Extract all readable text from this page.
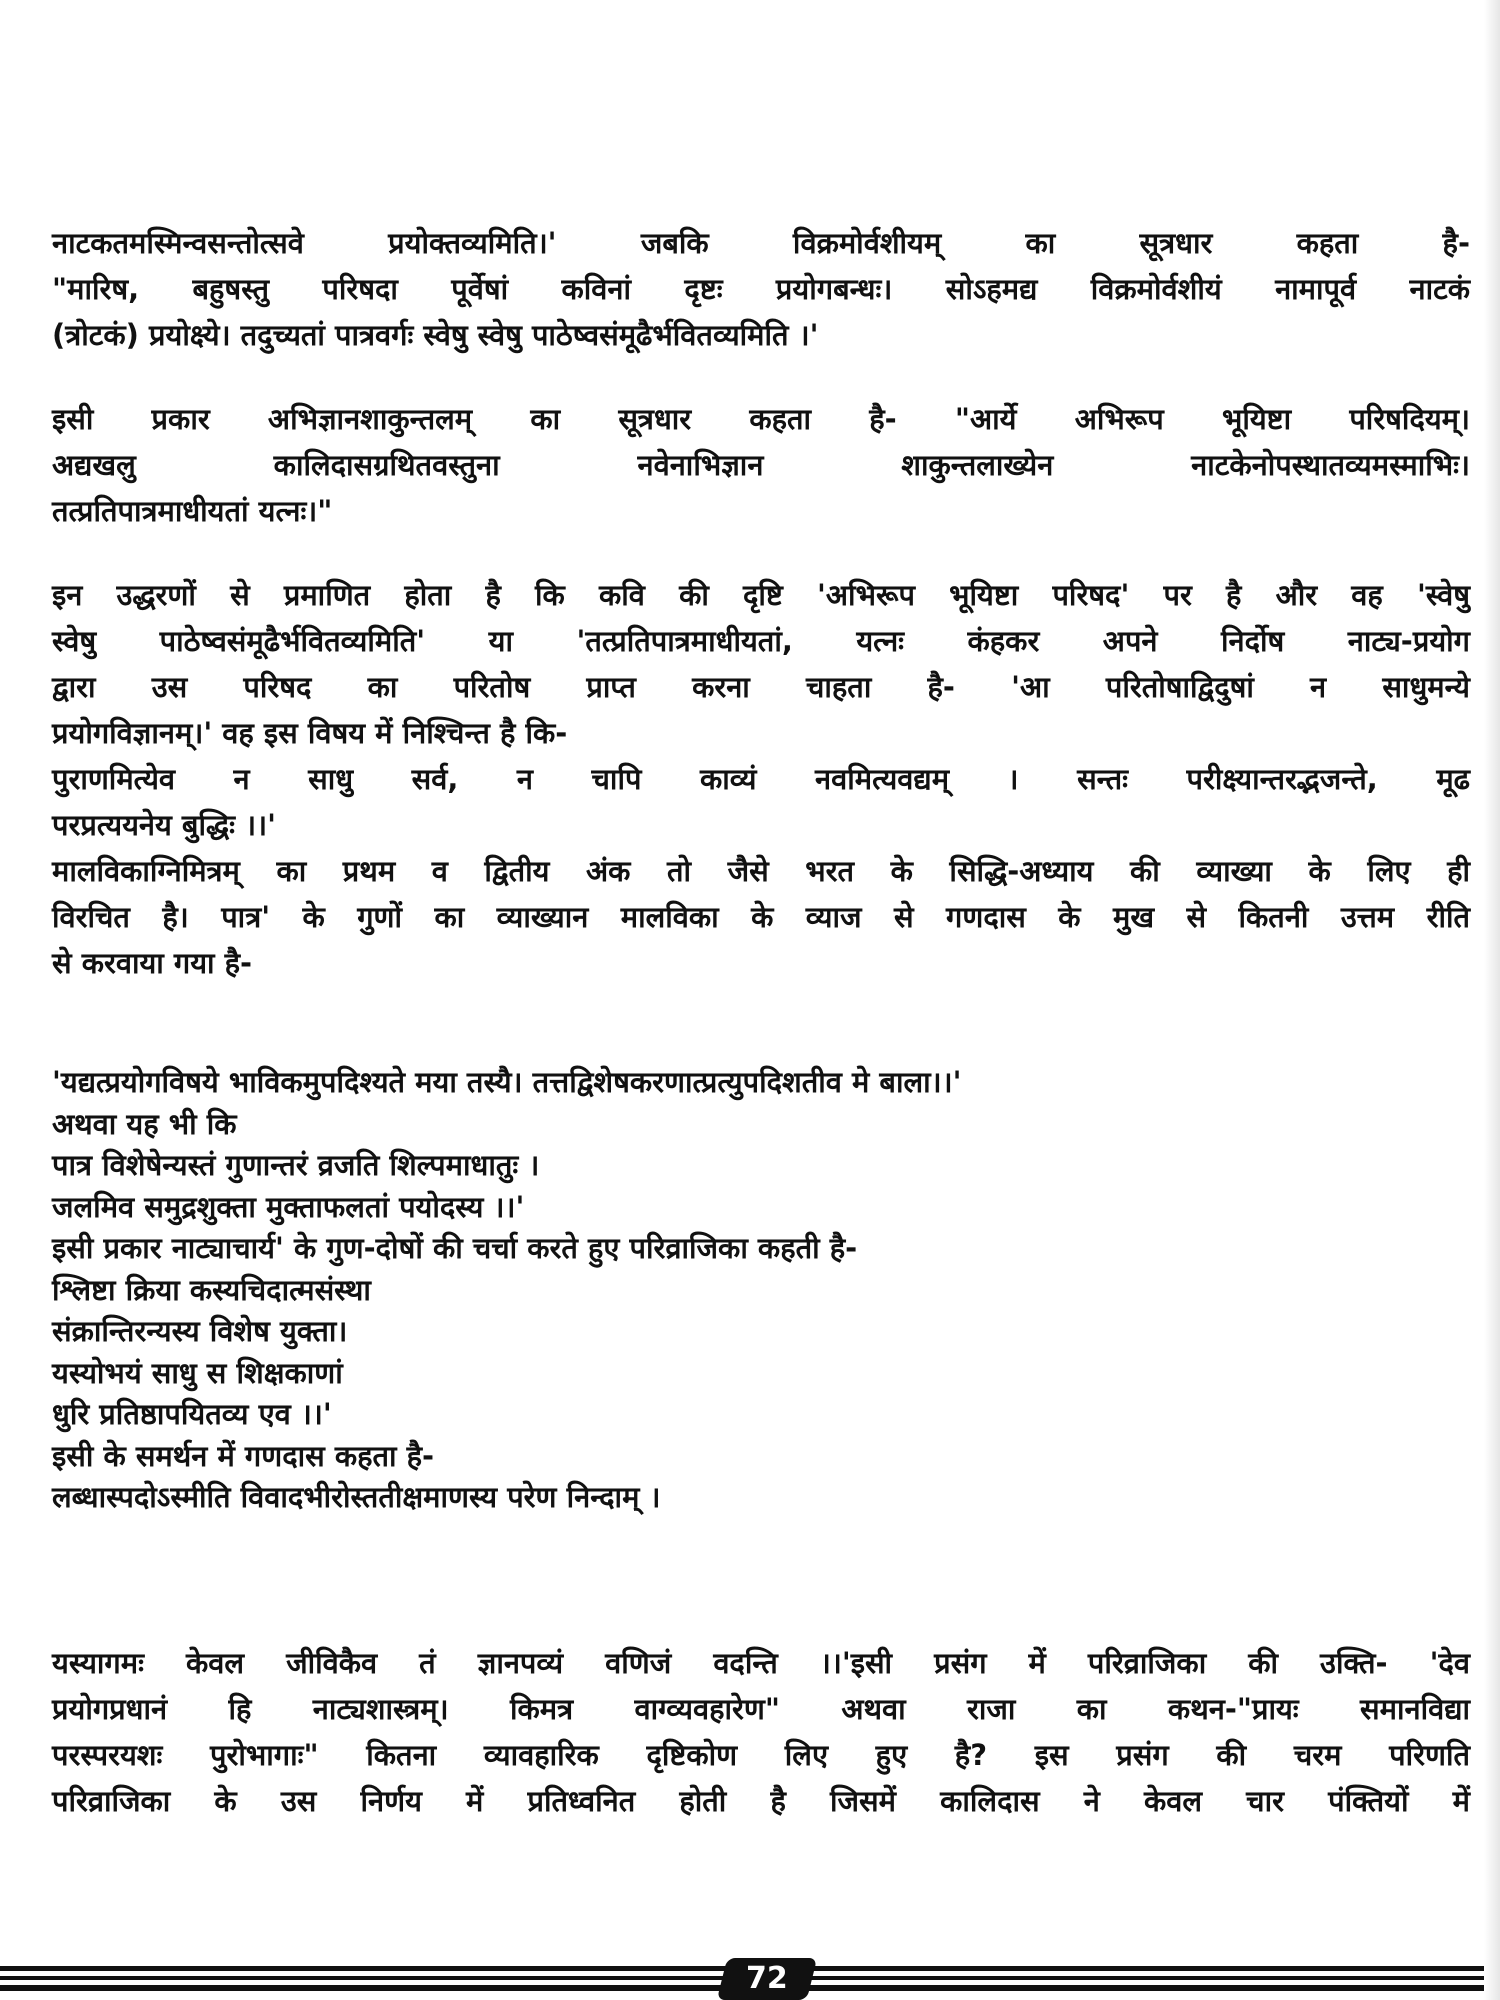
नाटकतमस्मिन्वसन्तोत्सवे प्रयोक्तव्यमिति।' जबकि विक्रमोर्वशीयम् का सूत्रधार कहता है-
"मारिष, बहुषस्तु परिषदा पूर्वेषां कविनां दृष्टः प्रयोगबन्धः। सोऽहमद्य विक्रमोर्वशीयं नामापूर्व नाटकं
(त्रोटकं) प्रयोक्ष्ये। तदुच्यतां पात्रवर्गः स्वेषु स्वेषु पाठेष्वसंमूढैर्भवितव्यमिति ।'
इसी प्रकार अभिज्ञानशाकुन्तलम् का सूत्रधार कहता है- "आर्ये अभिरूप भूयिष्टा परिषदियम्।
अद्यखलु कालिदासग्रथितवस्तुना नवेनाभिज्ञान शाकुन्तलाख्येन नाटकेनोपस्थातव्यमस्माभिः।
तत्प्रतिपात्रमाधीयतां यत्नः।"
इन उद्धरणों से प्रमाणित होता है कि कवि की दृष्टि 'अभिरूप भूयिष्टा परिषद' पर है और वह 'स्वेषु
स्वेषु पाठेष्वसंमूढैर्भवितव्यमिति' या 'तत्प्रतिपात्रमाधीयतां, यत्नः कंहकर अपने निर्दोष नाट्य-प्रयोग
द्वारा उस परिषद का परितोष प्राप्त करना चाहता है- 'आ परितोषाद्विदुषां न साधुमन्ये
प्रयोगविज्ञानम्।' वह इस विषय में निश्चिन्त है कि-
पुराणमित्येव न साधु सर्व, न चापि काव्यं नवमित्यवद्यम् । सन्तः परीक्ष्यान्तरद्भजन्ते, मूढ
परप्रत्ययनेय बुद्धिः ।।'
मालविकाग्निमित्रम् का प्रथम व द्वितीय अंक तो जैसे भरत के सिद्धि-अध्याय की व्याख्या के लिए ही
विरचित है। पात्र' के गुणों का व्याख्यान मालविका के व्याज से गणदास के मुख से कितनी उत्तम रीति
से करवाया गया है-
'यद्यत्प्रयोगविषये भाविकमुपदिश्यते मया तस्यै। तत्तद्विशेषकरणात्प्रत्युपदिशतीव मे बाला।।'
अथवा यह भी कि
पात्र विशेषेन्यस्तं गुणान्तरं व्रजति शिल्पमाधातुः ।
जलमिव समुद्रशुक्ता मुक्ताफलतां पयोदस्य ।।'
इसी प्रकार नाट्याचार्य' के गुण-दोषों की चर्चा करते हुए परिव्राजिका कहती है-
श्लिष्टा क्रिया कस्यचिदात्मसंस्था
संक्रान्तिरन्यस्य विशेष युक्ता।
यस्योभयं साधु स शिक्षकाणां
धुरि प्रतिष्ठापयितव्य एव ।।'
इसी के समर्थन में गणदास कहता है-
लब्धास्पदोऽस्मीति विवादभीरोस्ततीक्षमाणस्य परेण निन्दाम् ।
यस्यागमः केवल जीविकैव तं ज्ञानपव्यं वणिजं वदन्ति ।।'इसी प्रसंग में परिव्राजिका की उक्ति- 'देव
प्रयोगप्रधानं हि नाट्यशास्त्रम्। किमत्र वाग्व्यवहारेण" अथवा राजा का कथन-"प्रायः समानविद्या
परस्परयशः पुरोभागाः" कितना व्यावहारिक दृष्टिकोण लिए हुए है? इस प्रसंग की चरम परिणति
परिव्राजिका के उस निर्णय में प्रतिध्वनित होती है जिसमें कालिदास ने केवल चार पंक्तियों में
72
